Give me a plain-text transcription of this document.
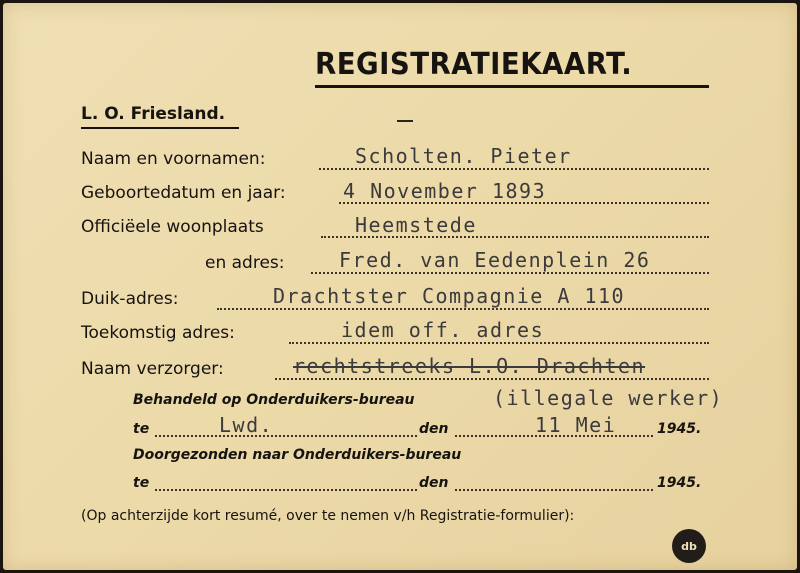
REGISTRATIEKAART.
L. O. Friesland.
Naam en voornamen:	Scholten. Pieter
Geboortedatum en jaar:	4 November 1893
Officiëele woonplaats	Heemstede
en adres:	Fred. van Eedenplein 26
Duik-adres:	Drachtster Compagnie A 110
Toekomstig adres:	idem off. adres
Naam verzorger:	rechtstreeks L.O. Drachten
(illegale werker)
Behandeld op Onderduikers-bureau
te	Lwd.	den	11 Mei	1945.
Doorgezonden naar Onderduikers-bureau
te	den	1945.
(Op achterzijde kort resumé, over te nemen v/h Registratie-formulier):
db
